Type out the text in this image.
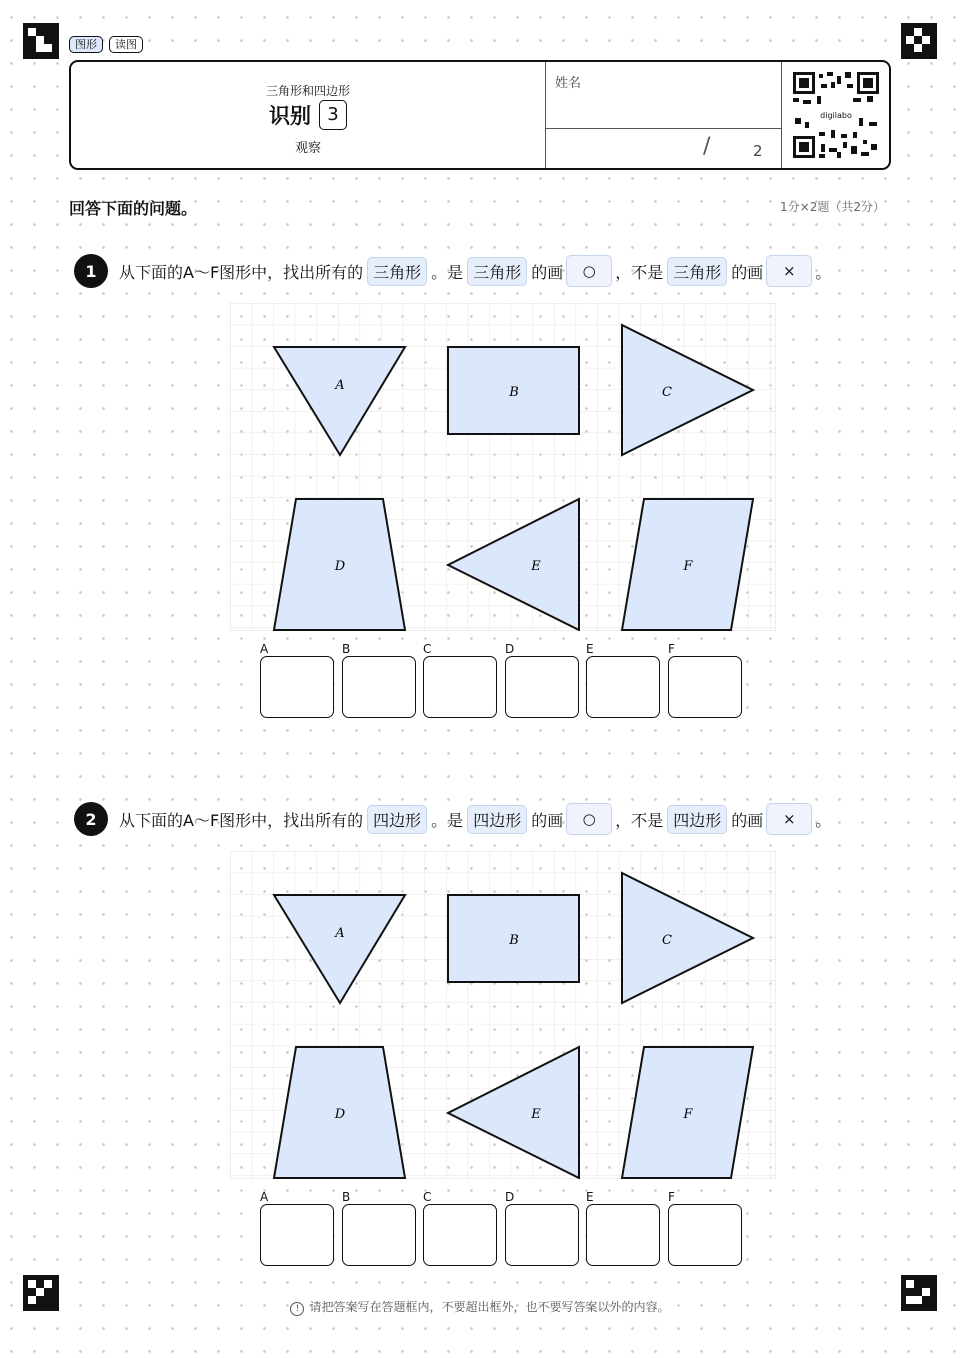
图形	读图
三角形和四边形
识别 3
观察
姓名
/	2
digilabo
回答下面的问题。	1分×2题（共2分）
1	从下面的A～F图形中，找出所有的 三角形 。是 三角形 的画	○	，不是 三角形 的画	×	。
A	B	C
D	E	F
A	B	C	D	E	F
2	从下面的A～F图形中，找出所有的 四边形 。是 四边形 的画	○	，不是 四边形 的画	×	。
A	B	C
D	E	F
A	B	C	D	E	F
! 请把答案写在答题框内，不要超出框外，也不要写答案以外的内容。
